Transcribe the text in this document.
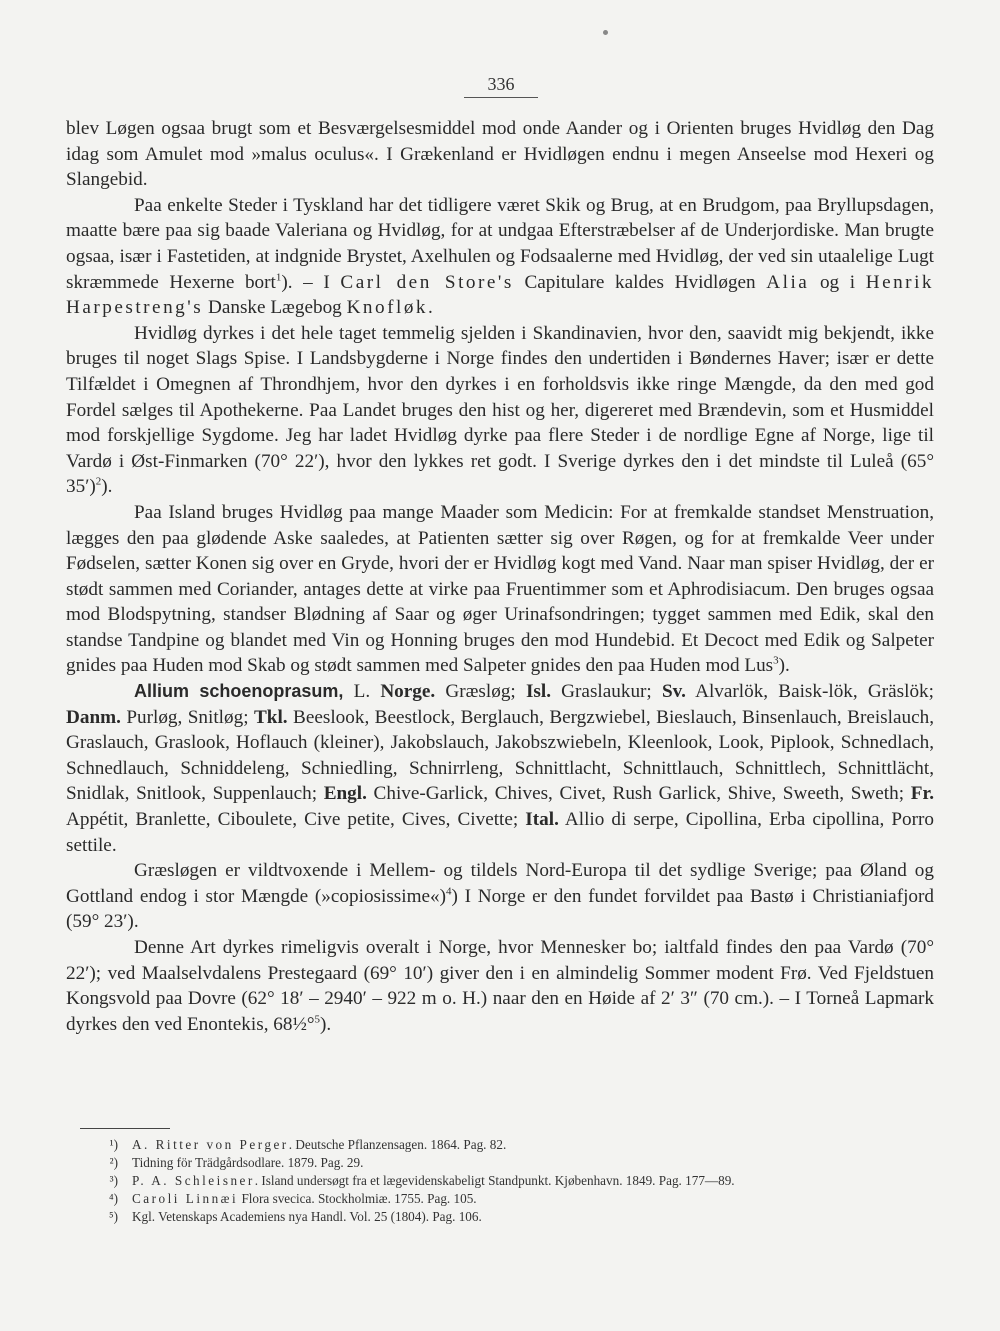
336

blev Løgen ogsaa brugt som et Besværgelsesmiddel mod onde Aander og i Orienten bruges Hvidløg den Dag idag som Amulet mod »malus oculus«. I Grækenland er Hvidløgen endnu i megen Anseelse mod Hexeri og Slangebid.

Paa enkelte Steder i Tyskland har det tidligere været Skik og Brug, at en Brudgom, paa Bryllupsdagen, maatte bære paa sig baade Valeriana og Hvidløg, for at undgaa Efterstræbelser af de Underjordiske. Man brugte ogsaa, især i Fastetiden, at indgnide Brystet, Axelhulen og Fodsaalerne med Hvidløg, der ved sin utaalelige Lugt skræmmede Hexerne bort$^1$). – I Carl den Store's Capitulare kaldes Hvidløgen Alia og i Henrik Harpestreng's Danske Lægebog Knofløk.

Hvidløg dyrkes i det hele taget temmelig sjelden i Skandinavien, hvor den, saavidt mig bekjendt, ikke bruges til noget Slags Spise. I Landsbygderne i Norge findes den undertiden i Bøndernes Haver; især er dette Tilfældet i Omegnen af Throndhjem, hvor den dyrkes i en forholdsvis ikke ringe Mængde, da den med god Fordel sælges til Apothekerne. Paa Landet bruges den hist og her, digereret med Brændevin, som et Husmiddel mod forskjellige Sygdome. Jeg har ladet Hvidløg dyrke paa flere Steder i de nordlige Egne af Norge, lige til Vardø i Øst-Finmarken (70° 22′), hvor den lykkes ret godt. I Sverige dyrkes den i det mindste til Luleå (65° 35′)$^2$).

Paa Island bruges Hvidløg paa mange Maader som Medicin: For at fremkalde standset Menstruation, lægges den paa glødende Aske saaledes, at Patienten sætter sig over Røgen, og for at fremkalde Veer under Fødselen, sætter Konen sig over en Gryde, hvori der er Hvidløg kogt med Vand. Naar man spiser Hvidløg, der er stødt sammen med Coriander, antages dette at virke paa Fruentimmer som et Aphrodisiacum. Den bruges ogsaa mod Blodspytning, standser Blødning af Saar og øger Urinafsondringen; tygget sammen med Edik, skal den standse Tandpine og blandet med Vin og Honning bruges den mod Hundebid. Et Decoct med Edik og Salpeter gnides paa Huden mod Skab og stødt sammen med Salpeter gnides den paa Huden mod Lus$^3$).

Allium schoenoprasum, L. Norge. Græsløg; Isl. Graslaukur; Sv. Alvarlök, Baisk-lök, Gräslök; Danm. Purløg, Snitløg; Tkl. Beeslook, Beestlock, Berglauch, Bergzwiebel, Bieslauch, Binsenlauch, Breislauch, Graslauch, Graslook, Hoflauch (kleiner), Jakobslauch, Jakobszwiebeln, Kleenlook, Look, Piplook, Schnedlach, Schnedlauch, Schniddeleng, Schniedling, Schnirrleng, Schnittlacht, Schnittlauch, Schnittlech, Schnittlächt, Snidlak, Snitlook, Suppenlauch; Engl. Chive-Garlick, Chives, Civet, Rush Garlick, Shive, Sweeth, Sweth; Fr. Appétit, Branlette, Ciboulete, Cive petite, Cives, Civette; Ital. Allio di serpe, Cipollina, Erba cipollina, Porro settile.

Græsløgen er vildtvoxende i Mellem- og tildels Nord-Europa til det sydlige Sverige; paa Øland og Gottland endog i stor Mængde (»copiosissime«)$^4$) I Norge er den fundet forvildet paa Bastø i Christianiafjord (59° 23′).

Denne Art dyrkes rimeligvis overalt i Norge, hvor Mennesker bo; ialtfald findes den paa Vardø (70° 22′); ved Maalselvdalens Prestegaard (69° 10′) giver den i en almindelig Sommer modent Frø. Ved Fjeldstuen Kongsvold paa Dovre (62° 18′ – 2940′ – 922 m o. H.) naar den en Høide af 2′ 3″ (70 cm.). – I Torneå Lapmark dyrkes den ved Enontekis, 68½°$^5$).

¹)	A. Ritter von Perger. Deutsche Pflanzensagen. 1864. Pag. 82.
²)	Tidning för Trädgårdsodlare. 1879. Pag. 29.
³)	P. A. Schleisner. Island undersøgt fra et lægevidenskabeligt Standpunkt. Kjøbenhavn. 1849. Pag. 177—89.
⁴)	Caroli Linnæi Flora svecica. Stockholmiæ. 1755. Pag. 105.
⁵)	Kgl. Vetenskaps Academiens nya Handl. Vol. 25 (1804). Pag. 106.
